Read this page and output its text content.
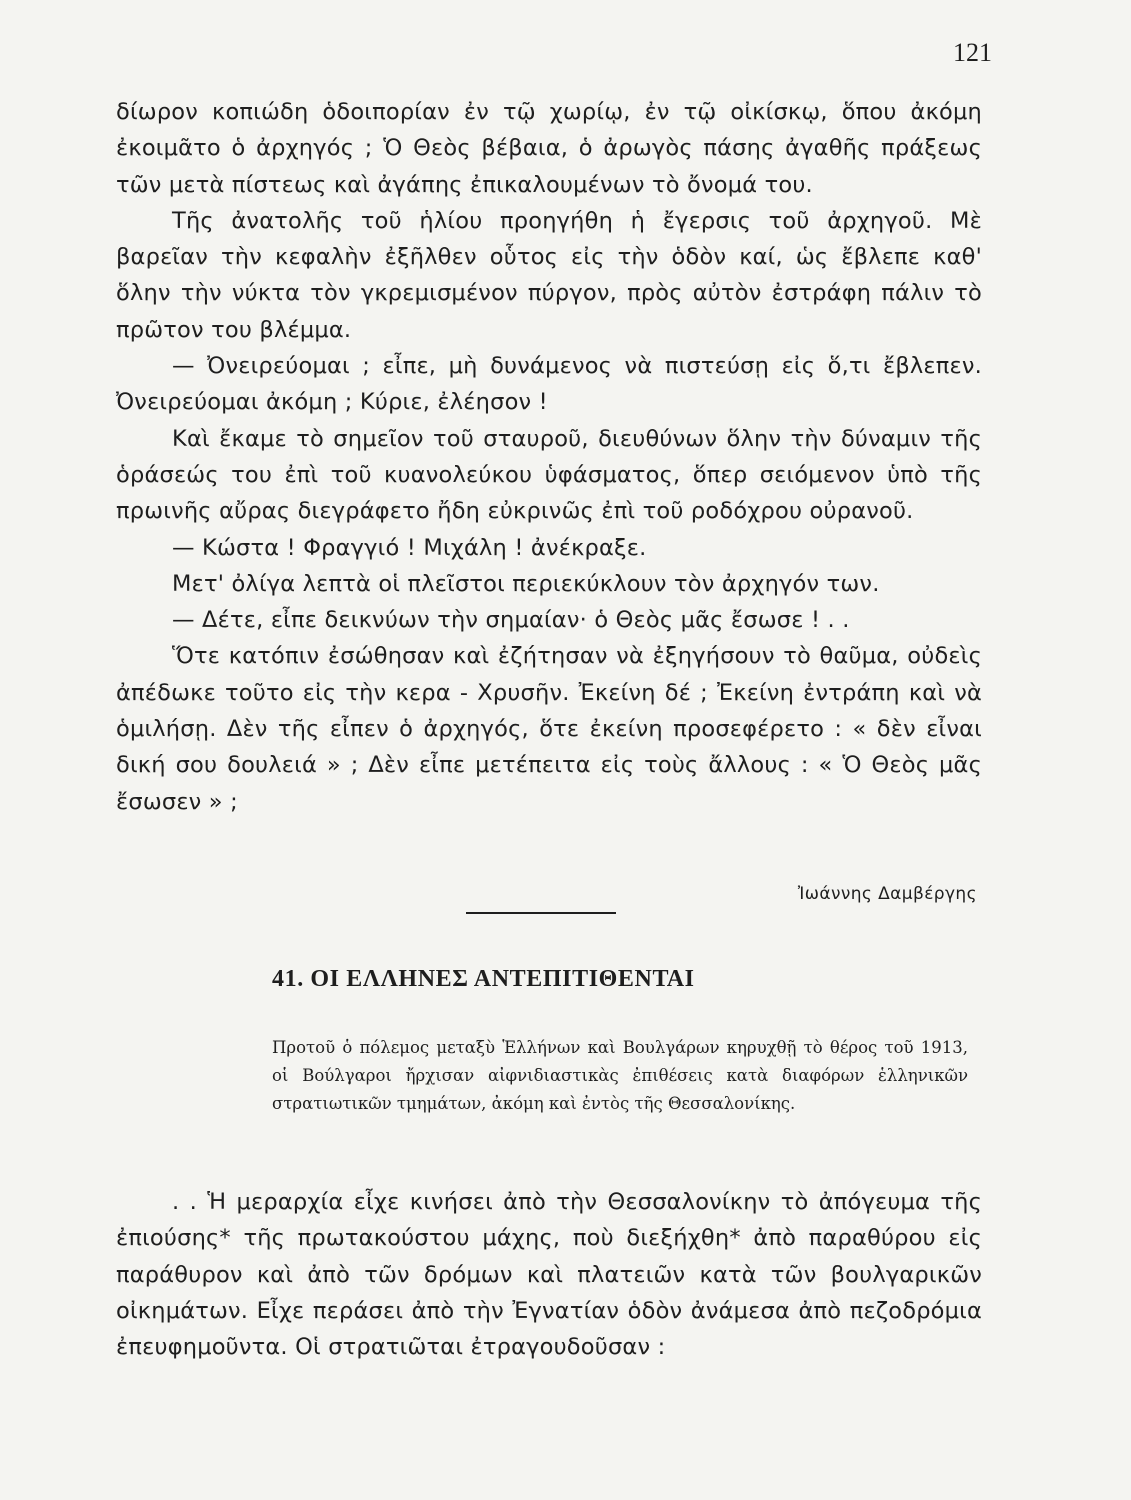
121

δίωρον κοπιώδη ὁδοιπορίαν ἐν τῷ χωρίῳ, ἐν τῷ οἰκίσκῳ, ὅπου ἀκόμη ἐκοιμᾶτο ὁ ἀρχηγός ; Ὁ Θεὸς βέβαια, ὁ ἀρωγὸς πάσης ἀγαθῆς πράξεως τῶν μετὰ πίστεως καὶ ἀγάπης ἐπικαλουμένων τὸ ὄνομά του.

Τῆς ἀνατολῆς τοῦ ἡλίου προηγήθη ἡ ἔγερσις τοῦ ἀρχηγοῦ. Μὲ βαρεῖαν τὴν κεφαλὴν ἐξῆλθεν οὗτος εἰς τὴν ὁδὸν καί, ὡς ἔβλεπε καθ' ὅλην τὴν νύκτα τὸν γκρεμισμένον πύργον, πρὸς αὐτὸν ἐστράφη πάλιν τὸ πρῶτον του βλέμμα.

— Ὀνειρεύομαι ; εἶπε, μὴ δυνάμενος νὰ πιστεύσῃ εἰς ὅ,τι ἔβλεπεν. Ὀνειρεύομαι ἀκόμη ; Κύριε, ἐλέησον !

Καὶ ἔκαμε τὸ σημεῖον τοῦ σταυροῦ, διευθύνων ὅλην τὴν δύναμιν τῆς ὁράσεώς του ἐπὶ τοῦ κυανολεύκου ὑφάσματος, ὅπερ σειόμενον ὑπὸ τῆς πρωινῆς αὔρας διεγράφετο ἤδη εὐκρινῶς ἐπὶ τοῦ ροδόχρου οὐρανοῦ.

— Κώστα ! Φραγγιό ! Μιχάλη ! ἀνέκραξε.

Μετ' ὀλίγα λεπτὰ οἱ πλεῖστοι περιεκύκλουν τὸν ἀρχηγόν των.

— Δέτε, εἶπε δεικνύων τὴν σημαίαν· ὁ Θεὸς μᾶς ἔσωσε ! . .

Ὅτε κατόπιν ἐσώθησαν καὶ ἐζήτησαν νὰ ἐξηγήσουν τὸ θαῦμα, οὐδεὶς ἀπέδωκε τοῦτο εἰς τὴν κερα - Χρυσῆν. Ἐκείνη δέ ; Ἐκείνη ἐντράπη καὶ νὰ ὁμιλήσῃ. Δὲν τῆς εἶπεν ὁ ἀρχηγός, ὅτε ἐκείνη προσεφέρετο : « δὲν εἶναι δική σου δουλειά » ; Δὲν εἶπε μετέπειτα εἰς τοὺς ἄλλους : « Ὁ Θεὸς μᾶς ἔσωσεν » ;

Ἰωάννης Δαμβέργης
41. ΟΙ ΕΛΛΗΝΕΣ ΑΝΤΕΠΙΤΙΘΕΝΤΑΙ

Προτοῦ ὁ πόλεμος μεταξὺ Ἑλλήνων καὶ Βουλγάρων κηρυχθῇ τὸ θέρος τοῦ 1913, οἱ Βούλγαροι ἤρχισαν αἰφνιδιαστικὰς ἐπιθέσεις κατὰ διαφόρων ἑλληνικῶν στρατιωτικῶν τμημάτων, ἀκόμη καὶ ἐντὸς τῆς Θεσσαλονίκης.

. . Ἡ μεραρχία εἶχε κινήσει ἀπὸ τὴν Θεσσαλονίκην τὸ ἀπόγευμα τῆς ἐπιούσης* τῆς πρωτακούστου μάχης, ποὺ διεξήχθη* ἀπὸ παραθύρου εἰς παράθυρον καὶ ἀπὸ τῶν δρόμων καὶ πλατειῶν κατὰ τῶν βουλγαρικῶν οἰκημάτων. Εἶχε περάσει ἀπὸ τὴν Ἐγνατίαν ὁδὸν ἀνάμεσα ἀπὸ πεζοδρόμια ἐπευφημοῦντα. Οἱ στρατιῶται ἐτραγουδοῦσαν :
